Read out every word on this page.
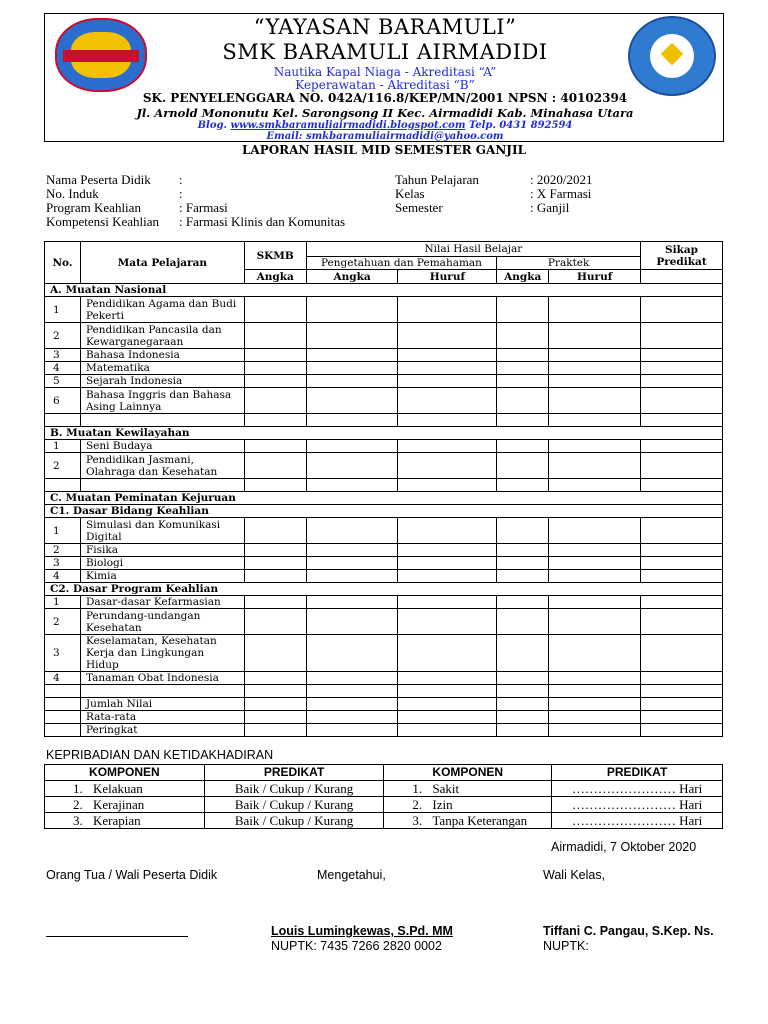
“YAYASAN BARAMULI”
SMK BARAMULI AIRMADIDI
Nautika Kapal Niaga - Akreditasi “A”
Keperawatan - Akreditasi “B”
SK. PENYELENGGARA NO. 042A/116.8/KEP/MN/2001 NPSN : 40102394
Jl. Arnold Mononutu Kel. Sarongsong II Kec. Airmadidi Kab. Minahasa Utara
Blog. www.smkbaramuliairmadidi.blogspot.com Telp. 0431 892594
Email: smkbaramuliairmadidi@yahoo.com
LAPORAN HASIL MID SEMESTER GANJIL
Nama Peserta Didik :
No. Induk	:
Program Keahlian	: Farmasi
Kompetensi Keahlian : Farmasi Klinis dan Komunitas
Tahun Pelajaran	: 2020/2021
Kelas	: X Farmasi
Semester	: Ganjil
No.	Mata Pelajaran	SKMB	Nilai Hasil Belajar				Sikap
Predikat
			Pengetahuan dan Pemahaman		Praktek		
		Angka	Angka	Huruf	Angka	Huruf	
A. Muatan Nasional							
1	Pendidikan Agama dan Budi
Pekerti						
2	Pendidikan Pancasila dan
Kewarganegaraan						
3	Bahasa Indonesia						
4	Matematika						
5	Sejarah Indonesia						
6	Bahasa Inggris dan Bahasa
Asing Lainnya						

B. Muatan Kewilayahan							
1	Seni Budaya						
2	Pendidikan Jasmani,
Olahraga dan Kesehatan						

C. Muatan Peminatan Kejuruan							
C1. Dasar Bidang Keahlian							
1	Simulasi dan Komunikasi
Digital						
2	Fisika						
3	Biologi						
4	Kimia						
C2. Dasar Program Keahlian							
1	Dasar-dasar Kefarmasian						
2	Perundang-undangan
Kesehatan						
3	Keselamatan, Kesehatan
Kerja dan Lingkungan Hidup						
4	Tanaman Obat Indonesia						

	Jumlah Nilai						
	Rata-rata						
	Peringkat						
KEPRIBADIAN DAN KETIDAKHADIRAN
KOMPONEN	PREDIKAT	KOMPONEN	PREDIKAT
1. Kelakuan	Baik / Cukup / Kurang	1. Sakit	…………………… Hari
2. Kerajinan	Baik / Cukup / Kurang	2. Izin	…………………… Hari
3. Kerapian	Baik / Cukup / Kurang	3. Tanpa Keterangan	…………………… Hari
Airmadidi, 7 Oktober 2020
Orang Tua / Wali Peserta Didik	Mengetahui,	Wali Kelas,
Louis Lumingkewas, S.Pd. MM
NUPTK: 7435 7266 2820 0002
Tiffani C. Pangau, S.Kep. Ns.
NUPTK:
